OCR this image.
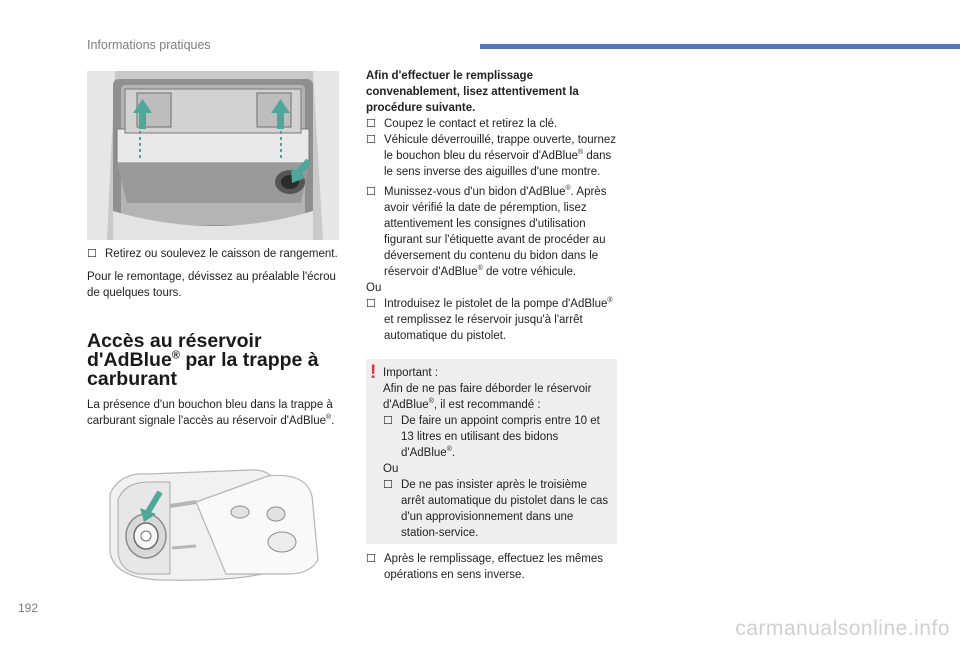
Informations pratiques
☐ Retirez ou soulevez le caisson de rangement.
Pour le remontage, dévissez au préalable l'écrou de quelques tours.
Accès au réservoir
d'AdBlue® par la trappe à
carburant
La présence d'un bouchon bleu dans la trappe à carburant signale l'accès au réservoir d'AdBlue®.
Afin d'effectuer le remplissage convenablement, lisez attentivement la procédure suivante.
☐ Coupez le contact et retirez la clé.
☐ Véhicule déverrouillé, trappe ouverte, tournez le bouchon bleu du réservoir d'AdBlue® dans le sens inverse des aiguilles d'une montre.
☐ Munissez-vous d'un bidon d'AdBlue®. Après avoir vérifié la date de péremption, lisez attentivement les consignes d'utilisation figurant sur l'étiquette avant de procéder au déversement du contenu du bidon dans le réservoir d'AdBlue® de votre véhicule.
Ou
☐ Introduisez le pistolet de la pompe d'AdBlue® et remplissez le réservoir jusqu'à l'arrêt automatique du pistolet.
! Important :
Afin de ne pas faire déborder le réservoir d'AdBlue®, il est recommandé :
☐ De faire un appoint compris entre 10 et 13 litres en utilisant des bidons d'AdBlue®.
Ou
☐ De ne pas insister après le troisième arrêt automatique du pistolet dans le cas d'un approvisionnement dans une station-service.
☐ Après le remplissage, effectuez les mêmes opérations en sens inverse.
192
carmanualsonline.info
